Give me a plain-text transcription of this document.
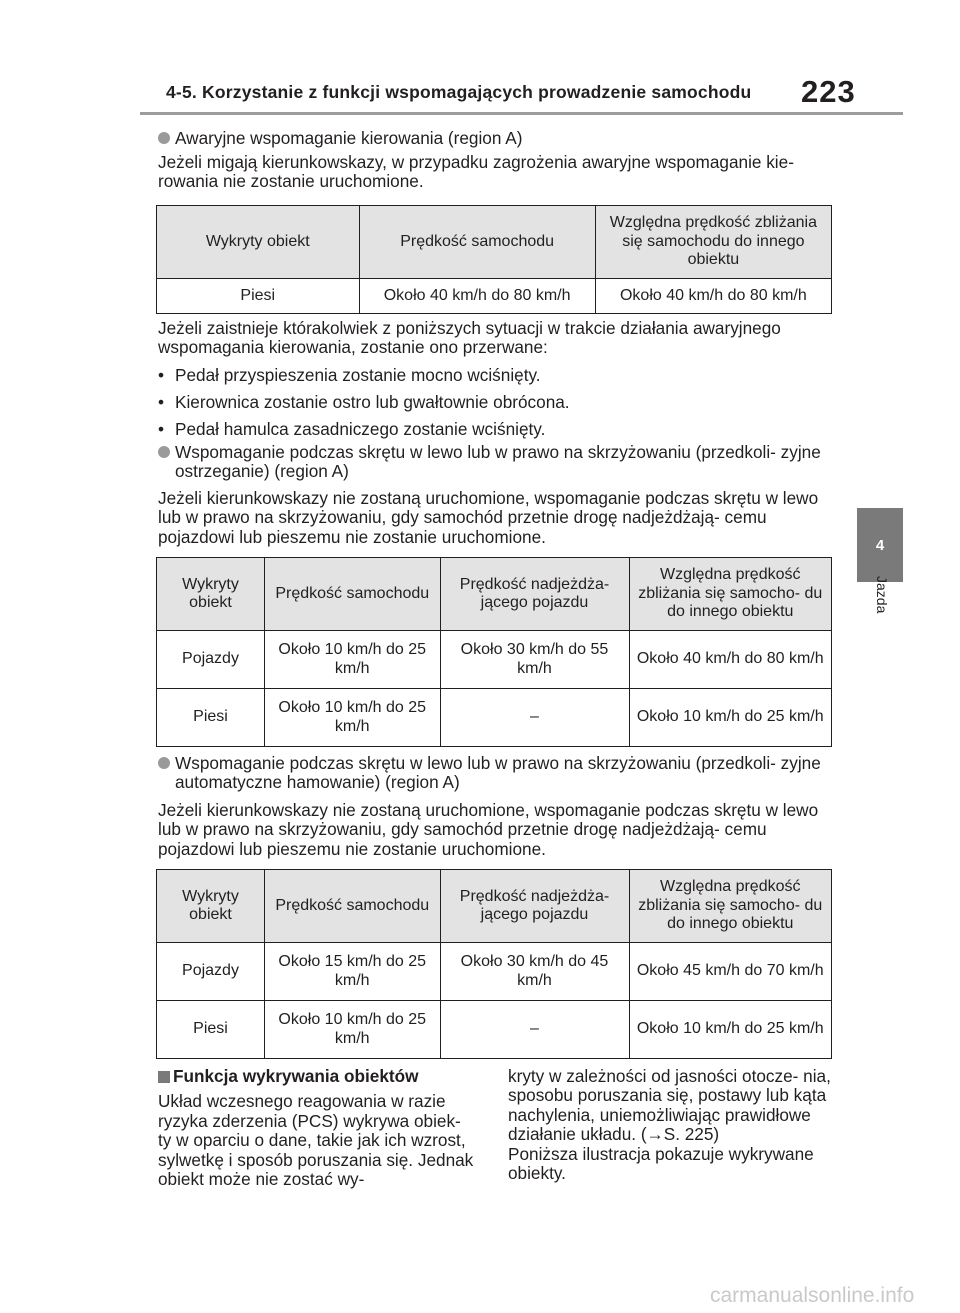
4-5. Korzystanie z funkcji wspomagających prowadzenie samochodu 223
4
Jazda
Awaryjne wspomaganie kierowania (region A)

Jeżeli migają kierunkowskazy, w przypadku zagrożenia awaryjne wspomaganie kie- rowania nie zostanie uruchomione.

Wykryty obiekt	Prędkość samochodu	Względna prędkość zbliżania się samochodu do innego obiektu
Piesi	Około 40 km/h do 80 km/h	Około 40 km/h do 80 km/h

Jeżeli zaistnieje którakolwiek z poniższych sytuacji w trakcie działania awaryjnego wspomagania kierowania, zostanie ono przerwane:

• Pedał przyspieszenia zostanie mocno wciśnięty.
• Kierownica zostanie ostro lub gwałtownie obrócona.
• Pedał hamulca zasadniczego zostanie wciśnięty.
Wspomaganie podczas skrętu w lewo lub w prawo na skrzyżowaniu (przedkoli- zyjne ostrzeganie) (region A)

Jeżeli kierunkowskazy nie zostaną uruchomione, wspomaganie podczas skrętu w lewo lub w prawo na skrzyżowaniu, gdy samochód przetnie drogę nadjeżdżają- cemu pojazdowi lub pieszemu nie zostanie uruchomione.

Wykryty obiekt	Prędkość samochodu	Prędkość nadjeżdża- jącego pojazdu	Względna prędkość zbliżania się samocho- du do innego obiektu
Pojazdy	Około 10 km/h do 25 km/h	Około 30 km/h do 55 km/h	Około 40 km/h do 80 km/h
Piesi	Około 10 km/h do 25 km/h	–	Około 10 km/h do 25 km/h
Wspomaganie podczas skrętu w lewo lub w prawo na skrzyżowaniu (przedkoli- zyjne automatyczne hamowanie) (region A)

Jeżeli kierunkowskazy nie zostaną uruchomione, wspomaganie podczas skrętu w lewo lub w prawo na skrzyżowaniu, gdy samochód przetnie drogę nadjeżdżają- cemu pojazdowi lub pieszemu nie zostanie uruchomione.

Wykryty obiekt	Prędkość samochodu	Prędkość nadjeżdża- jącego pojazdu	Względna prędkość zbliżania się samocho- du do innego obiektu
Pojazdy	Około 15 km/h do 25 km/h	Około 30 km/h do 45 km/h	Około 45 km/h do 70 km/h
Piesi	Około 10 km/h do 25 km/h	–	Około 10 km/h do 25 km/h

Funkcja wykrywania obiektów

Układ wczesnego reagowania w razie ryzyka zderzenia (PCS) wykrywa obiek- ty w oparciu o dane, takie jak ich wzrost, sylwetkę i sposób poruszania się. Jednak obiekt może nie zostać wy-

kryty w zależności od jasności otocze- nia, sposobu poruszania się, postawy lub kąta nachylenia, uniemożliwiając prawidłowe działanie układu. (→S. 225)

Poniższa ilustracja pokazuje wykrywane obiekty.

carmanualsonline.info
